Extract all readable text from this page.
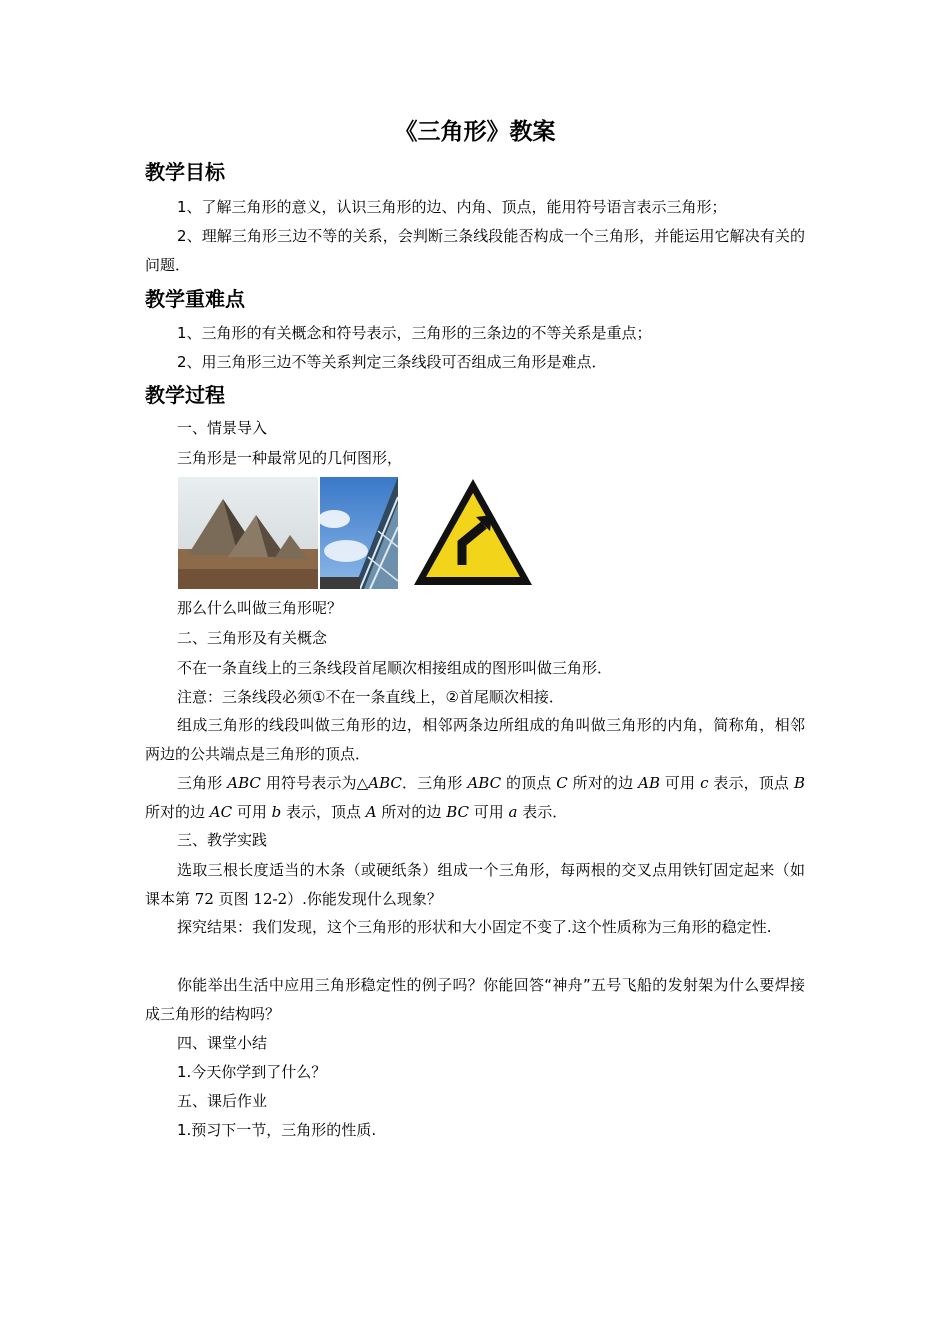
《三角形》教案
教学目标

1、了解三角形的意义，认识三角形的边、内角、顶点，能用符号语言表示三角形；

2、理解三角形三边不等的关系，会判断三条线段能否构成一个三角形，并能运用它解决有关的问题．

教学重难点

1、三角形的有关概念和符号表示，三角形的三条边的不等关系是重点；

2、用三角形三边不等关系判定三条线段可否组成三角形是难点．

教学过程

一、情景导入

三角形是一种最常见的几何图形，

那么什么叫做三角形呢？

二、三角形及有关概念

不在一条直线上的三条线段首尾顺次相接组成的图形叫做三角形．

注意：三条线段必须①不在一条直线上，②首尾顺次相接．

组成三角形的线段叫做三角形的边，相邻两条边所组成的角叫做三角形的内角，简称角，相邻两边的公共端点是三角形的顶点．

三角形 ABC 用符号表示为△ABC．三角形 ABC 的顶点 C 所对的边 AB 可用 c 表示，顶点 B 所对的边 AC 可用 b 表示，顶点 A 所对的边 BC 可用 a 表示．

三、教学实践

选取三根长度适当的木条（或硬纸条）组成一个三角形，每两根的交叉点用铁钉固定起来（如课本第 72 页图 12-2）.你能发现什么现象？

探究结果：我们发现，这个三角形的形状和大小固定不变了.这个性质称为三角形的稳定性.

你能举出生活中应用三角形稳定性的例子吗？你能回答“神舟”五号飞船的发射架为什么要焊接成三角形的结构吗？

四、课堂小结

1.今天你学到了什么？

五、课后作业

1.预习下一节，三角形的性质.
